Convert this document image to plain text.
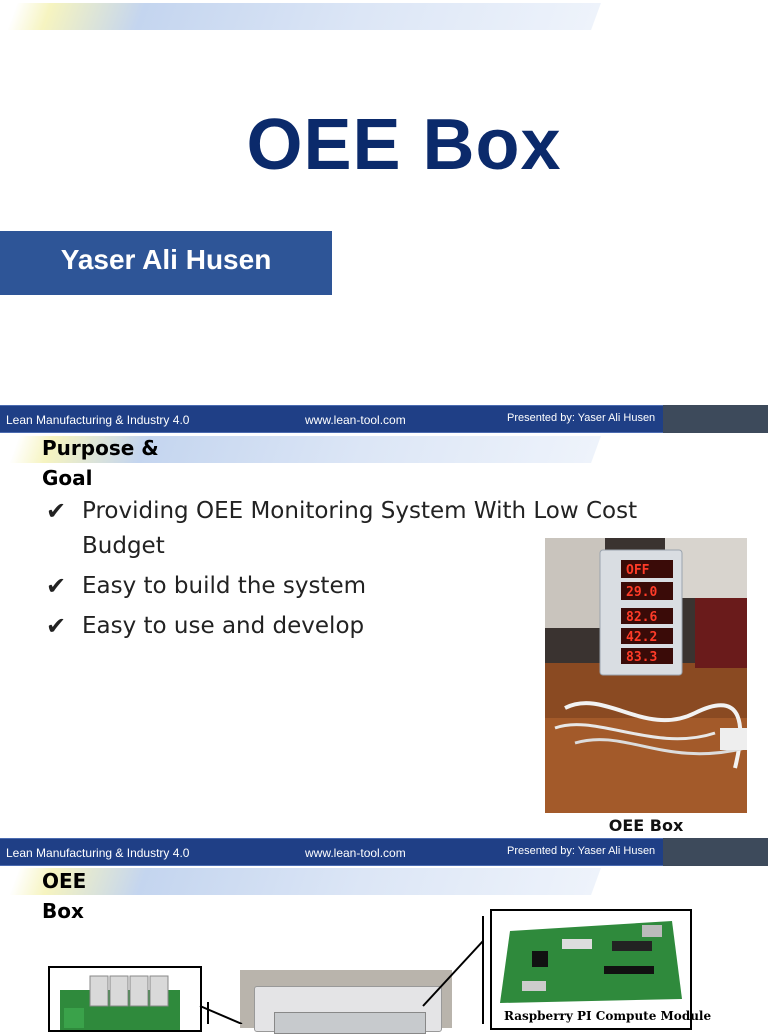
OEE Box
Yaser Ali Husen
Lean Manufacturing & Industry 4.0	www.lean-tool.com	Presented by: Yaser Ali Husen
Purpose &
Goal
✔ Providing OEE Monitoring System With Low Cost Budget
✔ Easy to build the system
✔ Easy to use and develop
OFF
29.0
82.6
42.2
83.3
OEE Box
Lean Manufacturing & Industry 4.0	www.lean-tool.com	Presented by: Yaser Ali Husen
OEE
Box
Raspberry PI Compute Module
